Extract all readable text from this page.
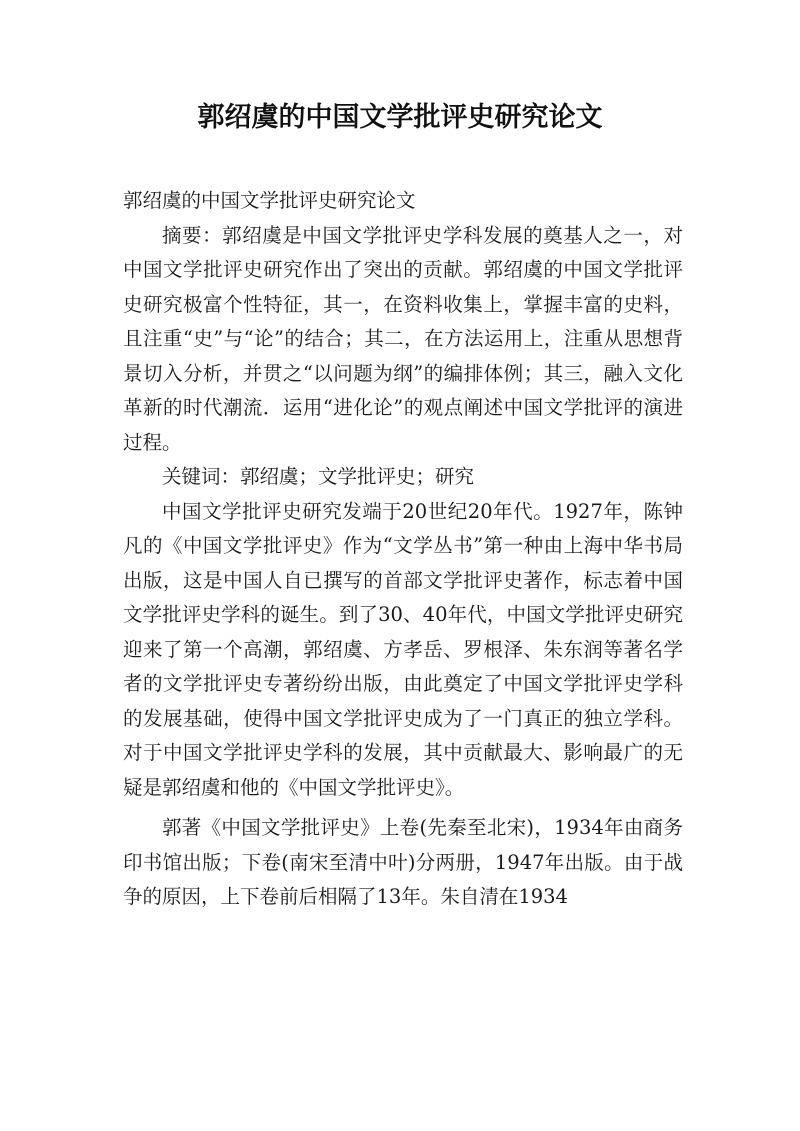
郭绍虞的中国文学批评史研究论文

郭绍虞的中国文学批评史研究论文

摘要：郭绍虞是中国文学批评史学科发展的奠基人之一，对中国文学批评史研究作出了突出的贡献。郭绍虞的中国文学批评史研究极富个性特征，其一，在资料收集上，掌握丰富的史料，且注重“史”与“论”的结合；其二，在方法运用上，注重从思想背景切入分析，并贯之“以问题为纲”的编排体例；其三，融入文化革新的时代潮流．运用“进化论”的观点阐述中国文学批评的演进过程。

关键词：郭绍虞；文学批评史；研究

中国文学批评史研究发端于20世纪20年代。1927年，陈钟凡的《中国文学批评史》作为“文学丛书”第一种由上海中华书局出版，这是中国人自已撰写的首部文学批评史著作，标志着中国文学批评史学科的诞生。到了30、40年代，中国文学批评史研究迎来了第一个高潮，郭绍虞、方孝岳、罗根泽、朱东润等著名学者的文学批评史专著纷纷出版，由此奠定了中国文学批评史学科的发展基础，使得中国文学批评史成为了一门真正的独立学科。对于中国文学批评史学科的发展，其中贡献最大、影响最广的无疑是郭绍虞和他的《中国文学批评史》。

郭著《中国文学批评史》上卷(先秦至北宋)，1934年由商务印书馆出版；下卷(南宋至清中叶)分两册，1947年出版。由于战争的原因，上下卷前后相隔了13年。朱自清在1934
